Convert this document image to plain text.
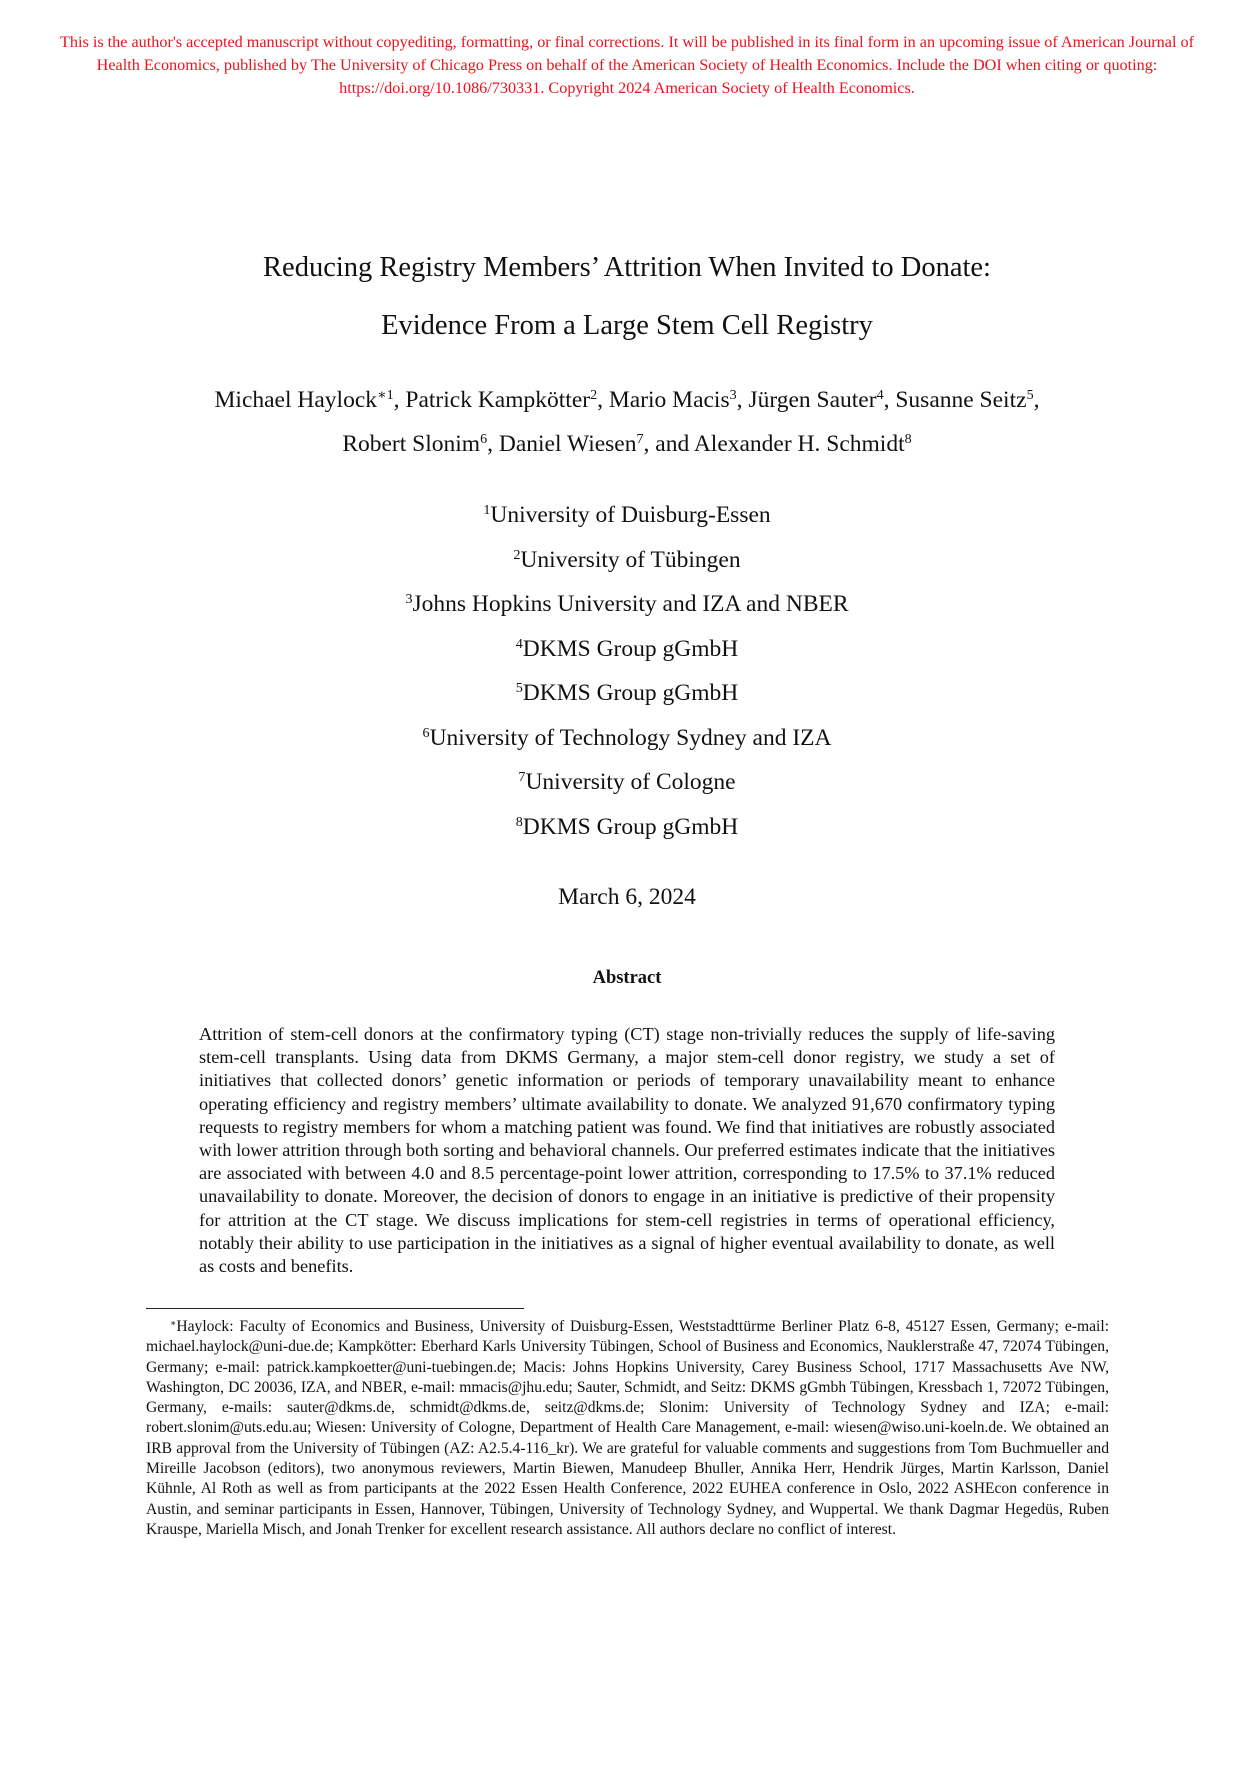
This is the author's accepted manuscript without copyediting, formatting, or final corrections. It will be published in its final form in an upcoming issue of American Journal of Health Economics, published by The University of Chicago Press on behalf of the American Society of Health Economics. Include the DOI when citing or quoting: https://doi.org/10.1086/730331. Copyright 2024 American Society of Health Economics.
Reducing Registry Members’ Attrition When Invited to Donate:
Evidence From a Large Stem Cell Registry
Michael Haylock$^{∗1}$, Patrick Kampkötter$^2$, Mario Macis$^3$, Jürgen Sauter$^4$, Susanne Seitz$^5$,
Robert Slonim$^6$, Daniel Wiesen$^7$, and Alexander H. Schmidt$^8$
$^1$University of Duisburg-Essen
$^2$University of Tübingen
$^3$Johns Hopkins University and IZA and NBER
$^4$DKMS Group gGmbH
$^5$DKMS Group gGmbH
$^6$University of Technology Sydney and IZA
$^7$University of Cologne
$^8$DKMS Group gGmbH
March 6, 2024
Abstract
Attrition of stem-cell donors at the confirmatory typing (CT) stage non-trivially reduces the supply of life-saving stem-cell transplants. Using data from DKMS Germany, a major stem-cell donor registry, we study a set of initiatives that collected donors’ genetic information or periods of temporary unavailability meant to enhance operating efficiency and registry members’ ultimate availability to donate. We analyzed 91,670 confirmatory typing requests to registry members for whom a matching patient was found. We find that initiatives are robustly associated with lower attrition through both sorting and behavioral channels. Our preferred estimates indicate that the initiatives are associated with between 4.0 and 8.5 percentage-point lower attrition, corresponding to 17.5% to 37.1% reduced unavailability to donate. Moreover, the decision of donors to engage in an initiative is predictive of their propensity for attrition at the CT stage. We discuss implications for stem-cell registries in terms of operational efficiency, notably their ability to use participation in the initiatives as a signal of higher eventual availability to donate, as well as costs and benefits.
∗Haylock: Faculty of Economics and Business, University of Duisburg-Essen, Weststadttürme Berliner Platz 6-8, 45127 Essen, Germany; e-mail: michael.haylock@uni-due.de; Kampkötter: Eberhard Karls University Tübingen, School of Business and Economics, Nauklerstraße 47, 72074 Tübingen, Germany; e-mail: patrick.kampkoetter@uni-tuebingen.de; Macis: Johns Hopkins University, Carey Business School, 1717 Massachusetts Ave NW, Washington, DC 20036, IZA, and NBER, e-mail: mmacis@jhu.edu; Sauter, Schmidt, and Seitz: DKMS gGmbh Tübingen, Kressbach 1, 72072 Tübingen, Germany, e-mails: sauter@dkms.de, schmidt@dkms.de, seitz@dkms.de; Slonim: University of Technology Sydney and IZA; e-mail: robert.slonim@uts.edu.au; Wiesen: University of Cologne, Department of Health Care Management, e-mail: wiesen@wiso.uni-koeln.de. We obtained an IRB approval from the University of Tübingen (AZ: A2.5.4-116_kr). We are grateful for valuable comments and suggestions from Tom Buchmueller and Mireille Jacobson (editors), two anonymous reviewers, Martin Biewen, Manudeep Bhuller, Annika Herr, Hendrik Jürges, Martin Karlsson, Daniel Kühnle, Al Roth as well as from participants at the 2022 Essen Health Conference, 2022 EUHEA conference in Oslo, 2022 ASHEcon conference in Austin, and seminar participants in Essen, Hannover, Tübingen, University of Technology Sydney, and Wuppertal. We thank Dagmar Hegedüs, Ruben Krauspe, Mariella Misch, and Jonah Trenker for excellent research assistance. All authors declare no conflict of interest.
